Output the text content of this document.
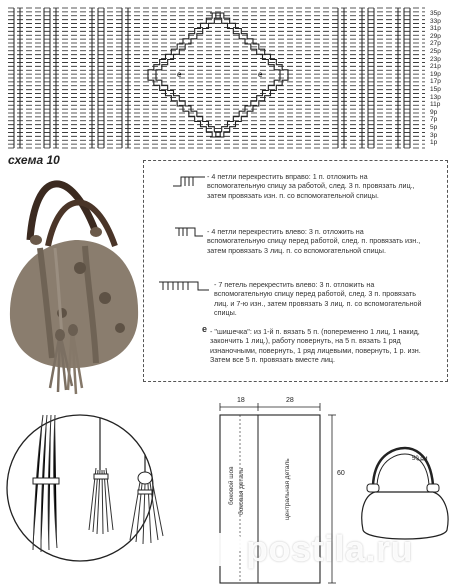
e	e
35p
33p
31p
29p
27p
25p
23p
21p
19p
17p
15p
13p
11p
9p
7p
5p
3p
1p
схема 10
- 4 петли перекрестить вправо: 1 п. отложить на вспомогательную спицу за работой, след. 3 п. провязать лиц., затем провязать изн. п. со вспомогательной спицы.
- 4 петли перекрестить влево: 3 п. отложить на вспомогательную спицу перед работой, след. п. провязать изн., затем провязать 3 лиц. п. со вспомогательной спицы.
- 7 петель перекрестить влево: 3 п. отложить на вспомогательную спицу перед работой, след. 3 п. провязать лиц. и 7-ю изн., затем провязать 3 лиц. п. со вспомогательной спицы.
е - "шишечка": из 1-й п. вязать 5 п. (попеременно 1 лиц, 1 накид, закончить 1 лиц.), работу повернуть, на 5 п. вязать 1 ряд изнаночными, повернуть, 1 ряд лицевыми, повернуть, 1 р. изн. Затем все 5 п. провязать вместе лиц.
18	28
60
боковой шов боковая деталь	центральная деталь	50 см
postila.ru
